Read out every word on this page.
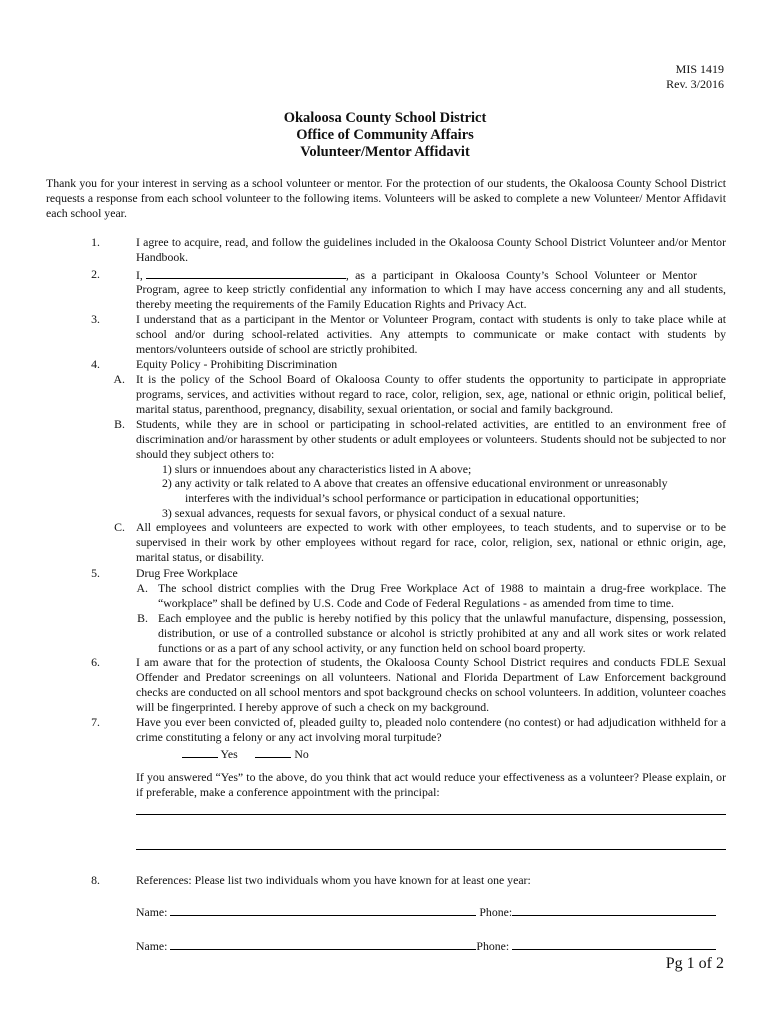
MIS 1419
Rev. 3/2016
Okaloosa County School District
Office of Community Affairs
Volunteer/Mentor Affidavit
Thank you for your interest in serving as a school volunteer or mentor. For the protection of our students, the Okaloosa County School District requests a response from each school volunteer to the following items. Volunteers will be asked to complete a new Volunteer/ Mentor Affidavit each school year.
1.	I agree to acquire, read, and follow the guidelines included in the Okaloosa County School District Volunteer and/or Mentor Handbook.
2.	I,	, as a participant in Okaloosa County’s School Volunteer or Mentor
Program, agree to keep strictly confidential any information to which I may have access concerning any and all students, thereby meeting the requirements of the Family Education Rights and Privacy Act.
3.	I understand that as a participant in the Mentor or Volunteer Program, contact with students is only to take place while at school and/or during school-related activities. Any attempts to communicate or make contact with students by mentors/volunteers outside of school are strictly prohibited.
4.	Equity Policy - Prohibiting Discrimination
A. It is the policy of the School Board of Okaloosa County to offer students the opportunity to participate in appropriate programs, services, and activities without regard to race, color, religion, sex, age, national or ethnic origin, political belief, marital status, parenthood, pregnancy, disability, sexual orientation, or social and family background.
B. Students, while they are in school or participating in school-related activities, are entitled to an environment free of discrimination and/or harassment by other students or adult employees or volunteers. Students should not be subjected to nor should they subject others to:
1) slurs or innuendoes about any characteristics listed in A above;
2) any activity or talk related to A above that creates an offensive educational environment or unreasonably
interferes with the individual’s school performance or participation in educational opportunities;
3) sexual advances, requests for sexual favors, or physical conduct of a sexual nature.
C. All employees and volunteers are expected to work with other employees, to teach students, and to supervise or to be supervised in their work by other employees without regard for race, color, religion, sex, national or ethnic origin, age, marital status, or disability.
5.	Drug Free Workplace
A. The school district complies with the Drug Free Workplace Act of 1988 to maintain a drug-free workplace. The “workplace” shall be defined by U.S. Code and Code of Federal Regulations - as amended from time to time.
B. Each employee and the public is hereby notified by this policy that the unlawful manufacture, dispensing, possession, distribution, or use of a controlled substance or alcohol is strictly prohibited at any and all work sites or work related functions or as a part of any school activity, or any function held on school board property.
6.	I am aware that for the protection of students, the Okaloosa County School District requires and conducts FDLE Sexual Offender and Predator screenings on all volunteers. National and Florida Department of Law Enforcement background checks are conducted on all school mentors and spot background checks on school volunteers. In addition, volunteer coaches will be fingerprinted. I hereby approve of such a check on my background.
7.	Have you ever been convicted of, pleaded guilty to, pleaded nolo contendere (no contest) or had adjudication withheld for a crime constituting a felony or any act involving moral turpitude?
Yes	No
If you answered “Yes” to the above, do you think that act would reduce your effectiveness as a volunteer? Please explain, or if preferable, make a conference appointment with the principal:
8.	References: Please list two individuals whom you have known for at least one year:
Name:	Phone:
Name:	Phone:
Pg 1 of 2
